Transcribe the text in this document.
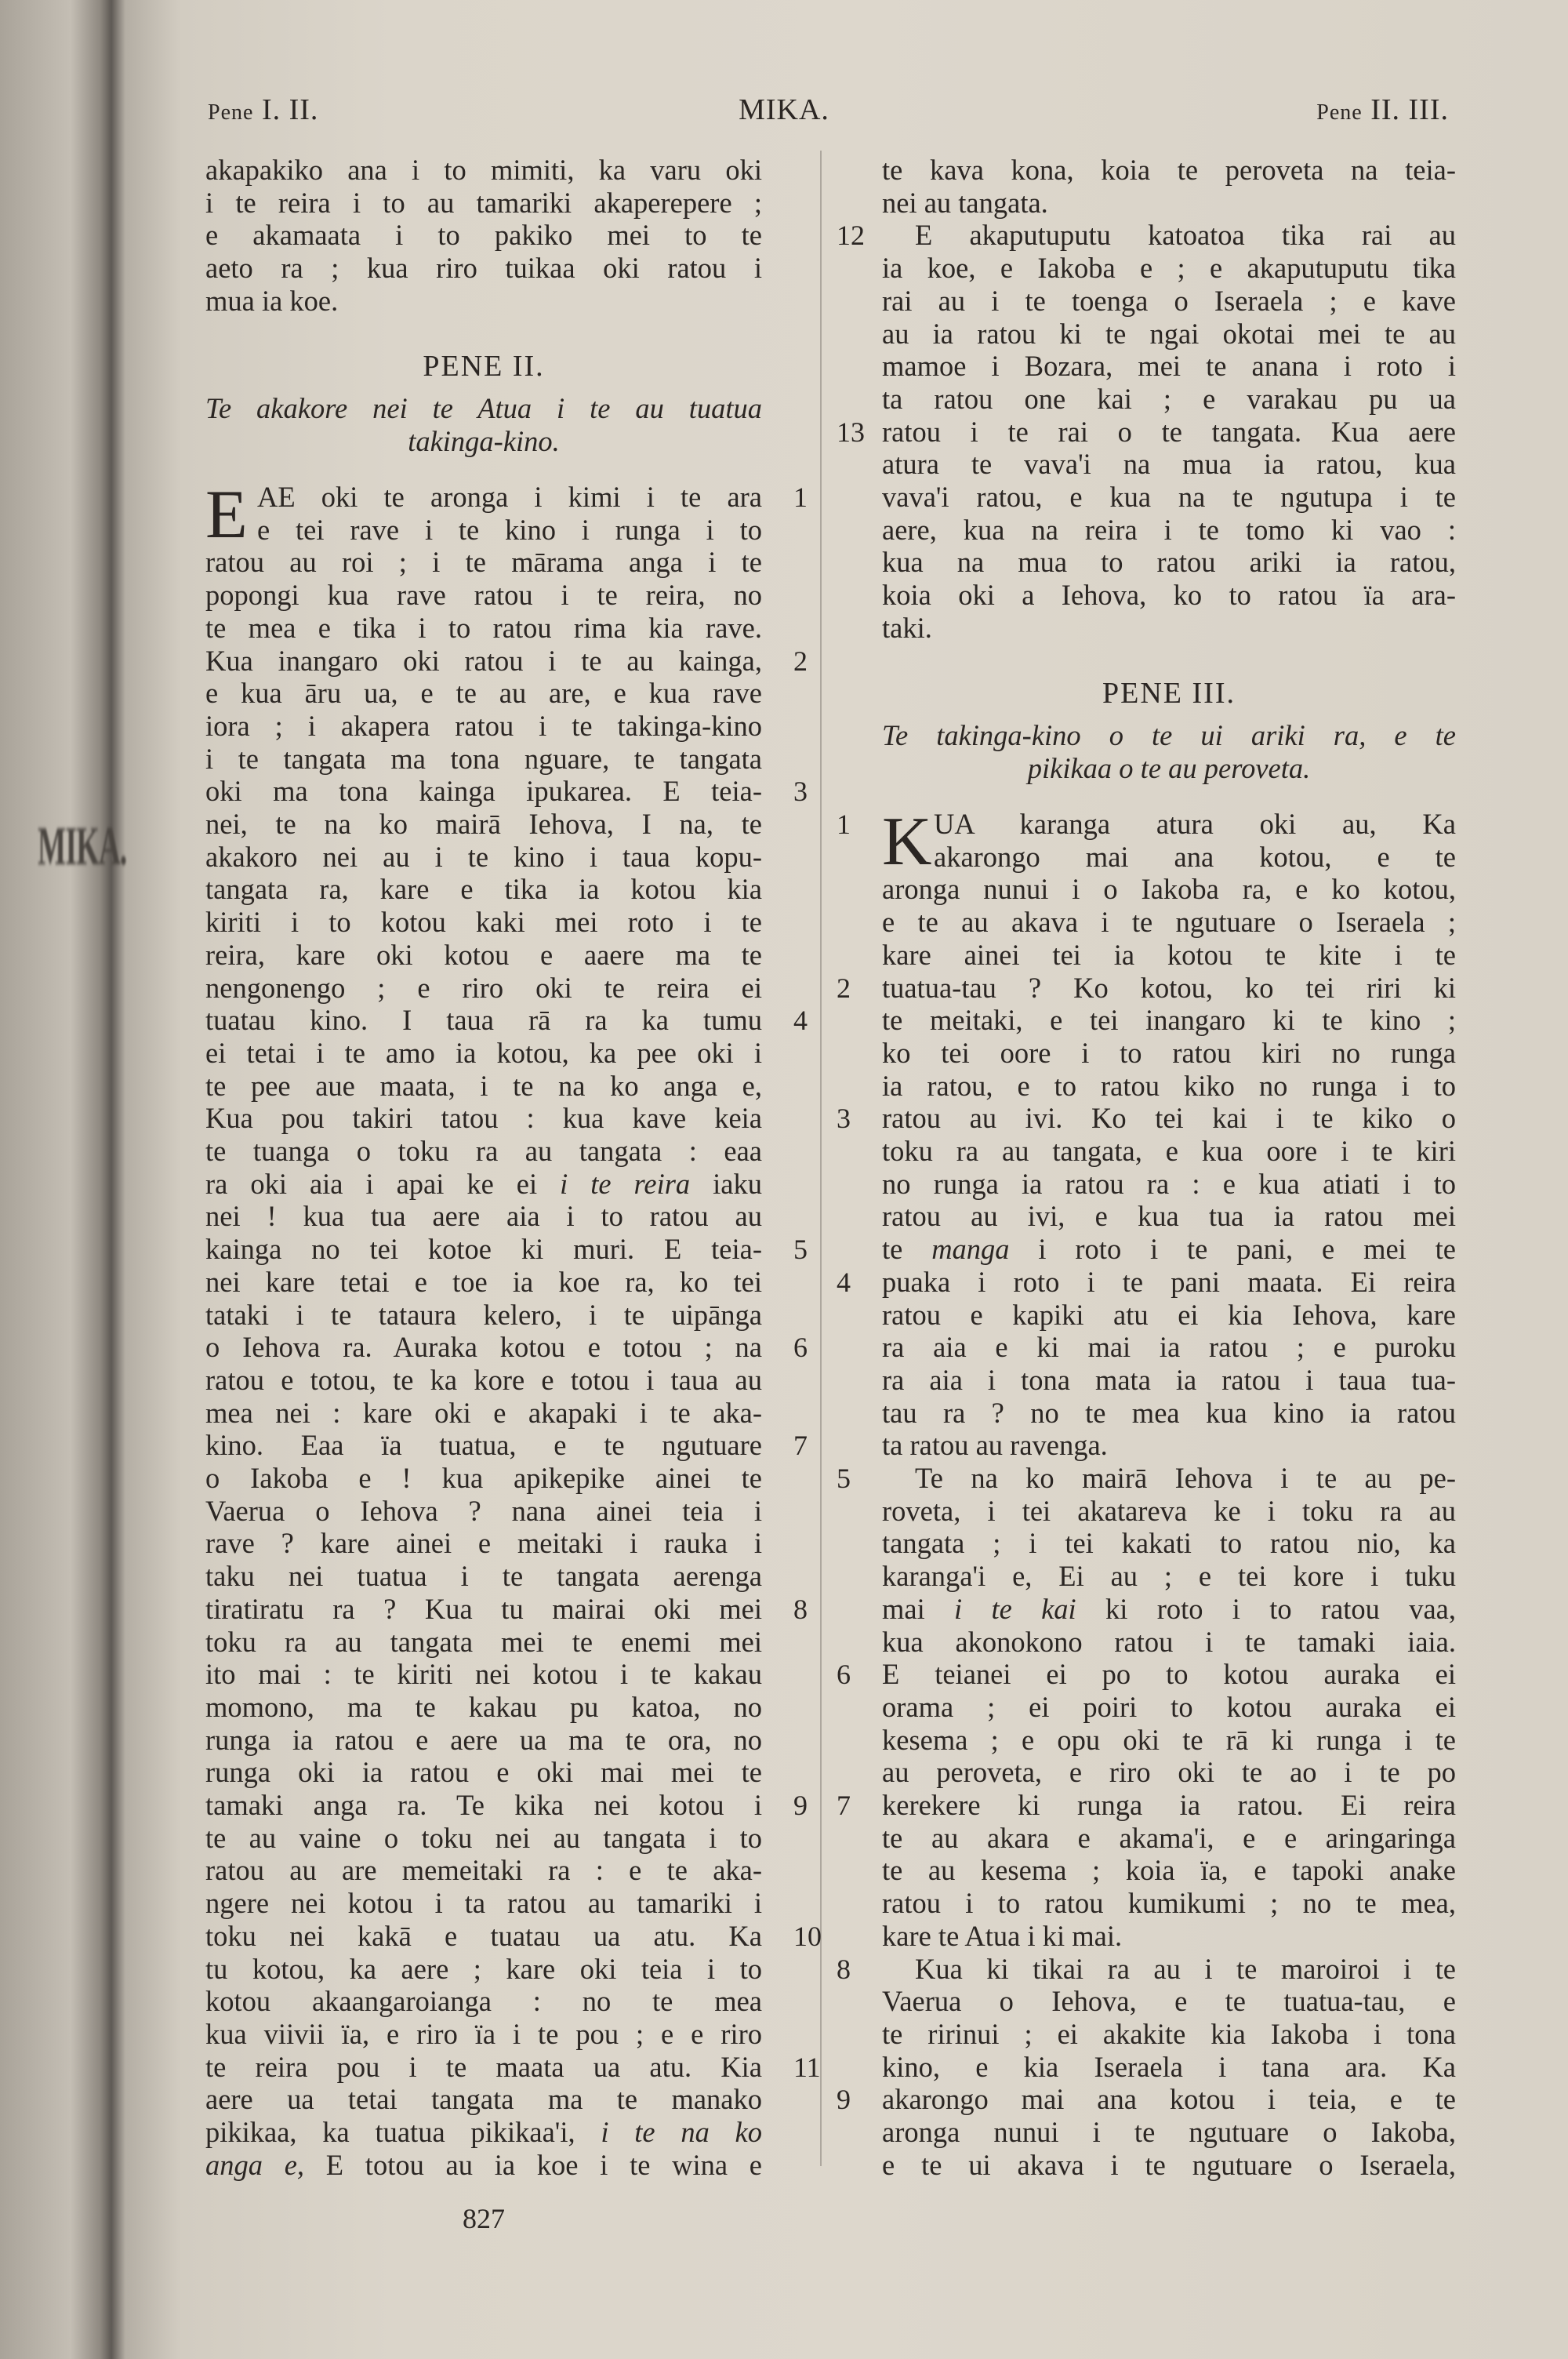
MIKA.
Pene I. II.	MIKA.	Pene II. III.
akapakiko ana i to mimiti, ka varu oki
i te reira i to au tamariki akaperepere ;
e akamaata i to pakiko mei to te
aeto ra ; kua riro tuikaa oki ratou i
mua ia koe.
PENE II.
Te akakore nei te Atua i te au tuatua
takinga-kino.
E AE oki te aronga i kimi i te ara 1
e tei rave i te kino i runga i to
ratou au roi ; i te mārama anga i te
popongi kua rave ratou i te reira, no
te mea e tika i to ratou rima kia rave.
Kua inangaro oki ratou i te au kainga, 2
e kua āru ua, e te au are, e kua rave
iora ; i akapera ratou i te takinga-kino
i te tangata ma tona nguare, te tangata
oki ma tona kainga ipukarea. E teia- 3
nei, te na ko mairā Iehova, I na, te
akakoro nei au i te kino i taua kopu-
tangata ra, kare e tika ia kotou kia
kiriti i to kotou kaki mei roto i te
reira, kare oki kotou e aaere ma te
nengonengo ; e riro oki te reira ei
tuatau kino. I taua rā ra ka tumu 4
ei tetai i te amo ia kotou, ka pee oki i
te pee aue maata, i te na ko anga e,
Kua pou takiri tatou : kua kave keia
te tuanga o toku ra au tangata : eaa
ra oki aia i apai ke ei i te reira iaku
nei ! kua tua aere aia i to ratou au
kainga no tei kotoe ki muri. E teia- 5
nei kare tetai e toe ia koe ra, ko tei
tataki i te tataura kelero, i te uipānga
o Iehova ra. Auraka kotou e totou ; na 6
ratou e totou, te ka kore e totou i taua au
mea nei : kare oki e akapaki i te aka-
kino. Eaa ïa tuatua, e te ngutuare 7
o Iakoba e ! kua apikepike ainei te
Vaerua o Iehova ? nana ainei teia i
rave ? kare ainei e meitaki i rauka i
taku nei tuatua i te tangata aerenga
tiratiratu ra ? Kua tu mairai oki mei 8
toku ra au tangata mei te enemi mei
ito mai : te kiriti nei kotou i te kakau
momono, ma te kakau pu katoa, no
runga ia ratou e aere ua ma te ora, no
runga oki ia ratou e oki mai mei te
tamaki anga ra. Te kika nei kotou i 9
te au vaine o toku nei au tangata i to
ratou au are memeitaki ra : e te aka-
ngere nei kotou i ta ratou au tamariki i
toku nei kakā e tuatau ua atu. Ka 10
tu kotou, ka aere ; kare oki teia i to
kotou akaangaroianga : no te mea
kua viivii ïa, e riro ïa i te pou ; e e riro
te reira pou i te maata ua atu. Kia 11
aere ua tetai tangata ma te manako
pikikaa, ka tuatua pikikaa'i, i te na ko
anga e, E totou au ia koe i te wina e
te kava kona, koia te peroveta na teia-
nei au tangata.
E akaputuputu katoatoa tika rai au
12
ia koe, e Iakoba e ; e akaputuputu tika
rai au i te toenga o Iseraela ; e kave
au ia ratou ki te ngai okotai mei te au
mamoe i Bozara, mei te anana i roto i
ta ratou one kai ; e varakau pu ua
ratou i te rai o te tangata. Kua aere
13
atura te vava'i na mua ia ratou, kua
vava'i ratou, e kua na te ngutupa i te
aere, kua na reira i te tomo ki vao :
kua na mua to ratou ariki ia ratou,
koia oki a Iehova, ko to ratou ïa ara-
taki.
PENE III.
Te takinga-kino o te ui ariki ra, e te
pikikaa o te au peroveta.
K UA karanga atura oki au, Ka
1
akarongo mai ana kotou, e te
aronga nunui i o Iakoba ra, e ko kotou,
e te au akava i te ngutuare o Iseraela ;
kare ainei tei ia kotou te kite i te
tuatua-tau ? Ko kotou, ko tei riri ki
2
te meitaki, e tei inangaro ki te kino ;
ko tei oore i to ratou kiri no runga
ia ratou, e to ratou kiko no runga i to
ratou au ivi. Ko tei kai i te kiko o
3
toku ra au tangata, e kua oore i te kiri
no runga ia ratou ra : e kua atiati i to
ratou au ivi, e kua tua ia ratou mei
te manga i roto i te pani, e mei te
puaka i roto i te pani maata. Ei reira
4
ratou e kapiki atu ei kia Iehova, kare
ra aia e ki mai ia ratou ; e puroku
ra aia i tona mata ia ratou i taua tua-
tau ra ? no te mea kua kino ia ratou
ta ratou au ravenga.
Te na ko mairā Iehova i te au pe-
5
roveta, i tei akatareva ke i toku ra au
tangata ; i tei kakati to ratou nio, ka
karanga'i e, Ei au ; e tei kore i tuku
mai i te kai ki roto i to ratou vaa,
kua akonokono ratou i te tamaki iaia.
E teianei ei po to kotou auraka ei
6
orama ; ei poiri to kotou auraka ei
kesema ; e opu oki te rā ki runga i te
au peroveta, e riro oki te ao i te po
kerekere ki runga ia ratou. Ei reira
7
te au akara e akama'i, e e aringaringa
te au kesema ; koia ïa, e tapoki anake
ratou i to ratou kumikumi ; no te mea,
kare te Atua i ki mai.
Kua ki tikai ra au i te maroiroi i te
8
Vaerua o Iehova, e te tuatua-tau, e
te ririnui ; ei akakite kia Iakoba i tona
kino, e kia Iseraela i tana ara. Ka
akarongo mai ana kotou i teia, e te
9
aronga nunui i te ngutuare o Iakoba,
e te ui akava i te ngutuare o Iseraela,
827
